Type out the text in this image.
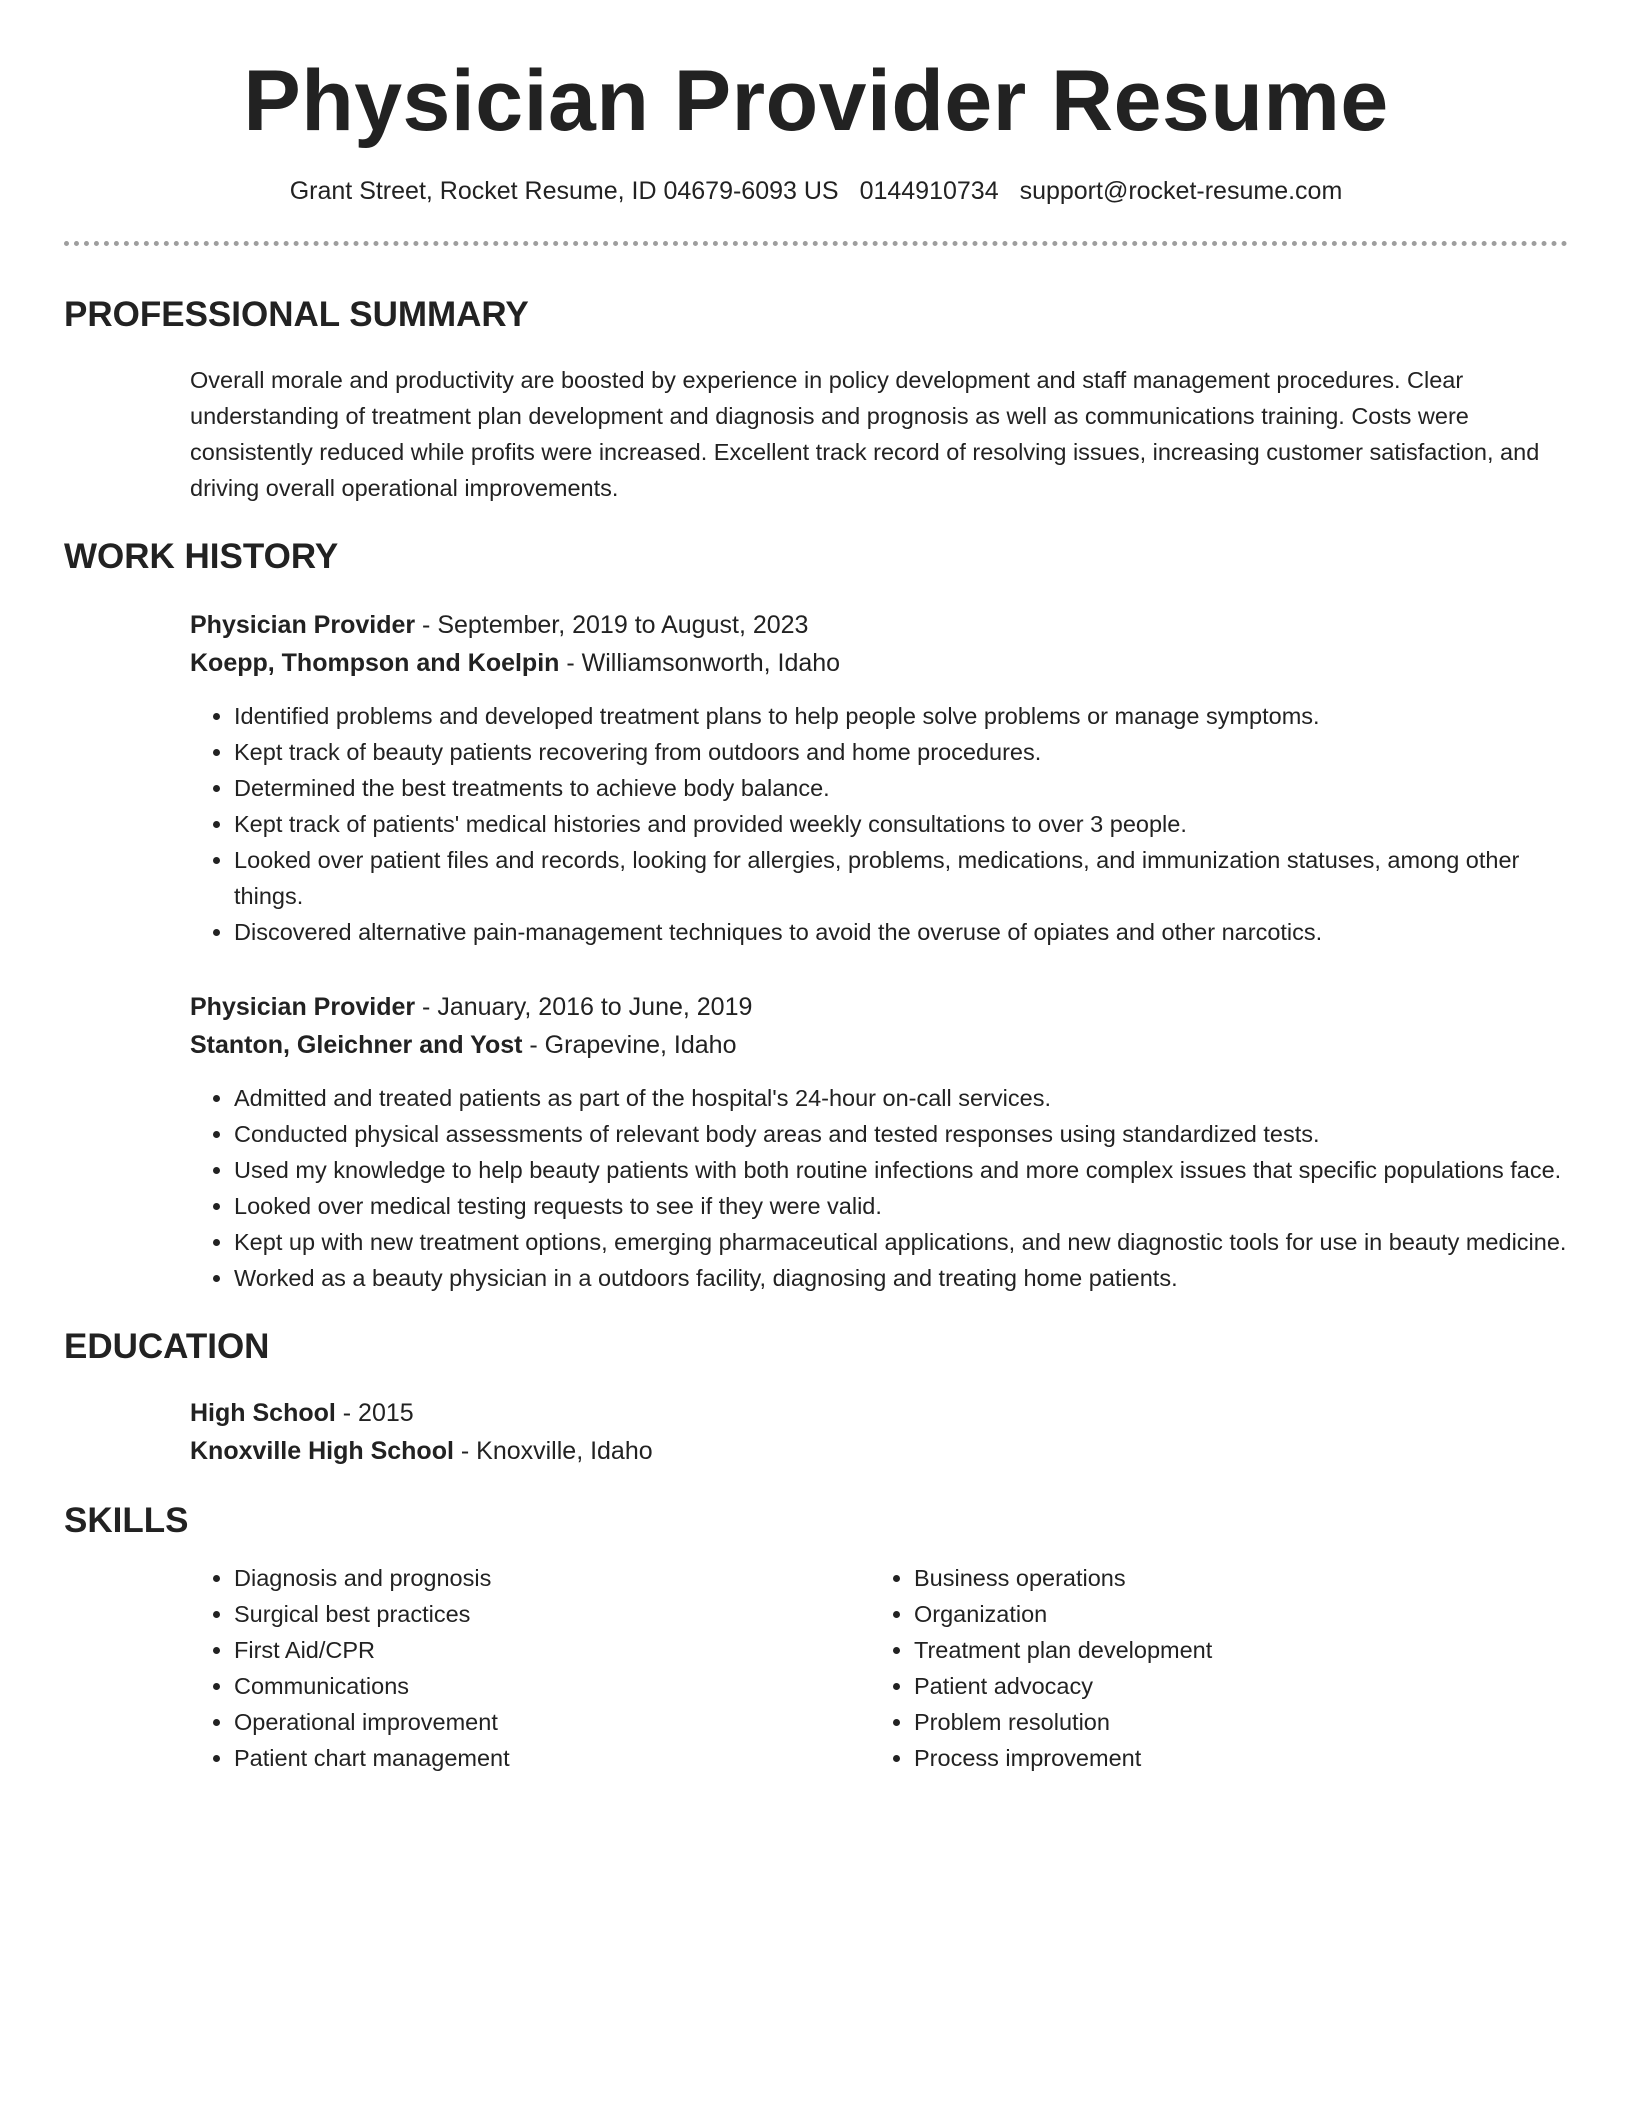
Physician Provider Resume
Grant Street, Rocket Resume, ID 04679-6093 US 0144910734 support@rocket-resume.com
PROFESSIONAL SUMMARY

Overall morale and productivity are boosted by experience in policy development and staff management procedures. Clear understanding of treatment plan development and diagnosis and prognosis as well as communications training. Costs were consistently reduced while profits were increased. Excellent track record of resolving issues, increasing customer satisfaction, and driving overall operational improvements.

WORK HISTORY
Physician Provider - September, 2019 to August, 2023
Koepp, Thompson and Koelpin - Williamsonworth, Idaho
• Identified problems and developed treatment plans to help people solve problems or manage symptoms.
• Kept track of beauty patients recovering from outdoors and home procedures.
• Determined the best treatments to achieve body balance.
• Kept track of patients' medical histories and provided weekly consultations to over 3 people.
• Looked over patient files and records, looking for allergies, problems, medications, and immunization statuses, among other things.
• Discovered alternative pain-management techniques to avoid the overuse of opiates and other narcotics.
Physician Provider - January, 2016 to June, 2019
Stanton, Gleichner and Yost - Grapevine, Idaho
• Admitted and treated patients as part of the hospital's 24-hour on-call services.
• Conducted physical assessments of relevant body areas and tested responses using standardized tests.
• Used my knowledge to help beauty patients with both routine infections and more complex issues that specific populations face.
• Looked over medical testing requests to see if they were valid.
• Kept up with new treatment options, emerging pharmaceutical applications, and new diagnostic tools for use in beauty medicine.
• Worked as a beauty physician in a outdoors facility, diagnosing and treating home patients.
EDUCATION
High School - 2015
Knoxville High School - Knoxville, Idaho
SKILLS
• Diagnosis and prognosis
• Surgical best practices
• First Aid/CPR
• Communications
• Operational improvement
• Patient chart management
• Business operations
• Organization
• Treatment plan development
• Patient advocacy
• Problem resolution
• Process improvement
